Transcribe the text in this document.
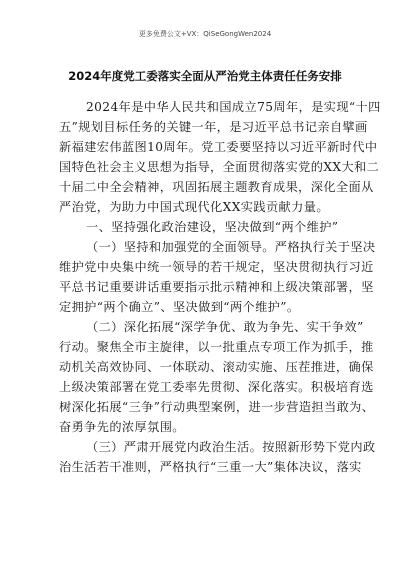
更多免费公文+VX：QiSeGongWen2024
2024年度党工委落实全面从严治党主体责任任务安排
2024年是中华人民共和国成立75周年，是实现“十四
五”规划目标任务的关键一年，是习近平总书记亲自擘画
新福建宏伟蓝图10周年。党工委要坚持以习近平新时代中
国特色社会主义思想为指导，全面贯彻落实党的XX大和二
十届二中全会精神，巩固拓展主题教育成果，深化全面从
严治党，为助力中国式现代化XX实践贡献力量。
一、坚持强化政治建设，坚决做到“两个维护”
（一）坚持和加强党的全面领导。严格执行关于坚决
维护党中央集中统一领导的若干规定，坚决贯彻执行习近
平总书记重要讲话重要指示批示精神和上级决策部署，坚
定拥护“两个确立”、坚决做到“两个维护”。
（二）深化拓展“深学争优、敢为争先、实干争效”
行动。聚焦全市主旋律，以一批重点专项工作为抓手，推
动机关高效协同、一体联动、滚动实施、压茬推进，确保
上级决策部署在党工委率先贯彻、深化落实。积极培育选
树深化拓展“三争”行动典型案例，进一步营造担当敢为、
奋勇争先的浓厚氛围。
（三）严肃开展党内政治生活。按照新形势下党内政
治生活若干准则，严格执行“三重一大”集体决议，落实
